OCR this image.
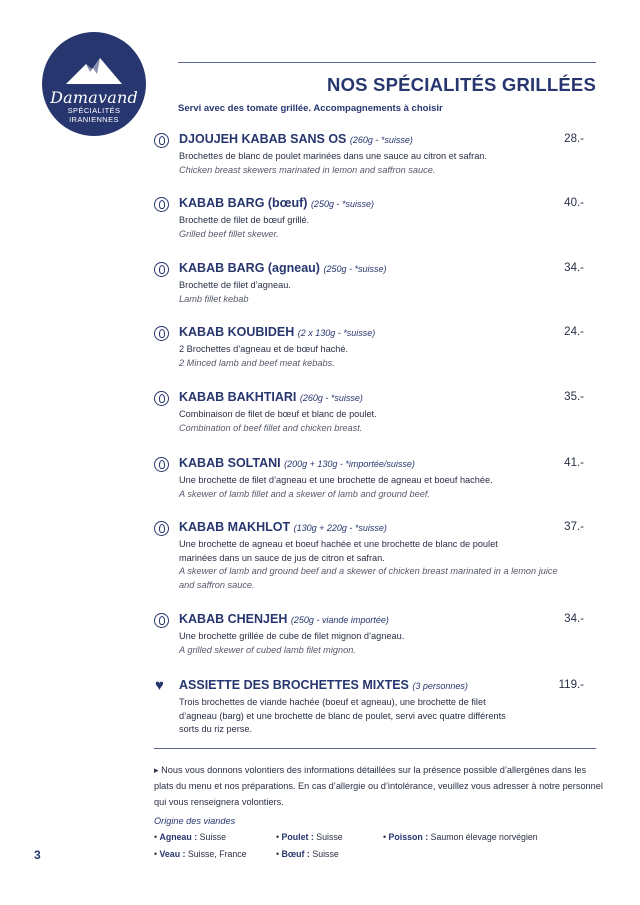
Damavand
SPÉCIALITÉS
IRANIENNES
NOS SPÉCIALITÉS GRILLÉES
Servi avec des tomate grillée. Accompagnements à choisir
DJOUJEH KABAB SANS OS (260g - *suisse)	28.-
Brochettes de blanc de poulet marinées dans une sauce au citron et safran.
Chicken breast skewers marinated in lemon and saffron sauce.
KABAB BARG (bœuf) (250g - *suisse)	40.-
Brochette de filet de bœuf grillé.
Grilled beef fillet skewer.
KABAB BARG (agneau) (250g - *suisse)	34.-
Brochette de filet d’agneau.
Lamb fillet kebab
KABAB KOUBIDEH (2 x 130g - *suisse)	24.-
2 Brochettes d’agneau et de bœuf haché.
2 Minced lamb and beef meat kebabs.
KABAB BAKHTIARI (260g - *suisse)	35.-
Combinaison de filet de bœuf et blanc de poulet.
Combination of beef fillet and chicken breast.
KABAB SOLTANI (200g + 130g - *importée/suisse)	41.-
Une brochette de filet d’agneau et une brochette de agneau et boeuf hachée.
A skewer of lamb fillet and a skewer of lamb and ground beef.
KABAB MAKHLOT (130g + 220g - *suisse)	37.-
Une brochette de agneau et boeuf hachée et une brochette de blanc de poulet marinées dans un sauce de jus de citron et safran.
A skewer of lamb and ground beef and a skewer of chicken breast marinated in a lemon juice and saffron sauce.
KABAB CHENJEH (250g - viande importée)	34.-
Une brochette grillée de cube de filet mignon d’agneau.
A grilled skewer of cubed lamb filet mignon.
♥ ASSIETTE DES BROCHETTES MIXTES (3 personnes)	119.-
Trois brochettes de viande hachée (boeuf et agneau), une brochette de filet d’agneau (barg) et une brochette de blanc de poulet, servi avec quatre différents sorts du riz perse.
▸ Nous vous donnons volontiers des informations détaillées sur la présence possible d’allergènes dans les plats du menu et nos préparations. En cas d’allergie ou d’intolérance, veuillez vous adresser à notre personnel qui vous renseignera volontiers.
Origine des viandes
• Agneau : Suisse	• Poulet : Suisse	• Poisson : Saumon élevage norvégien
• Veau : Suisse, France	• Bœuf : Suisse
3
